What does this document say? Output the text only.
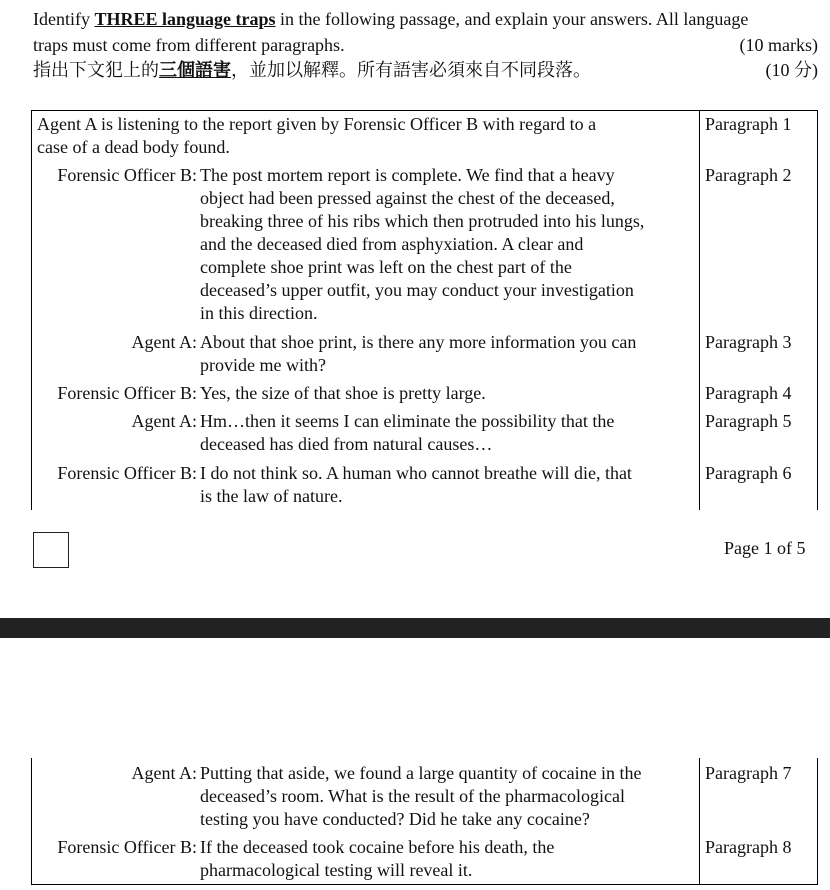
Identify THREE language traps in the following passage, and explain your answers. All language
traps must come from different paragraphs.	(10 marks)
指出下文犯上的三個語害，並加以解釋。所有語害必須來自不同段落。	(10 分)
Agent A is listening to the report given by Forensic Officer B with regard to a
case of a dead body found.
Paragraph 1
Forensic Officer B: The post mortem report is complete. We find that a heavy
object had been pressed against the chest of the deceased,
breaking three of his ribs which then protruded into his lungs,
and the deceased died from asphyxiation. A clear and
complete shoe print was left on the chest part of the
deceased’s upper outfit, you may conduct your investigation
in this direction.
Paragraph 2
Agent A: About that shoe print, is there any more information you can
provide me with?
Paragraph 3
Forensic Officer B: Yes, the size of that shoe is pretty large.	Paragraph 4
Agent A: Hm…then it seems I can eliminate the possibility that the
deceased has died from natural causes…
Paragraph 5
Forensic Officer B: I do not think so. A human who cannot breathe will die, that
is the law of nature.
Paragraph 6
Page 1 of 5
Agent A: Putting that aside, we found a large quantity of cocaine in the
deceased’s room. What is the result of the pharmacological
testing you have conducted? Did he take any cocaine?
Paragraph 7
Forensic Officer B: If the deceased took cocaine before his death, the
pharmacological testing will reveal it.
Paragraph 8
